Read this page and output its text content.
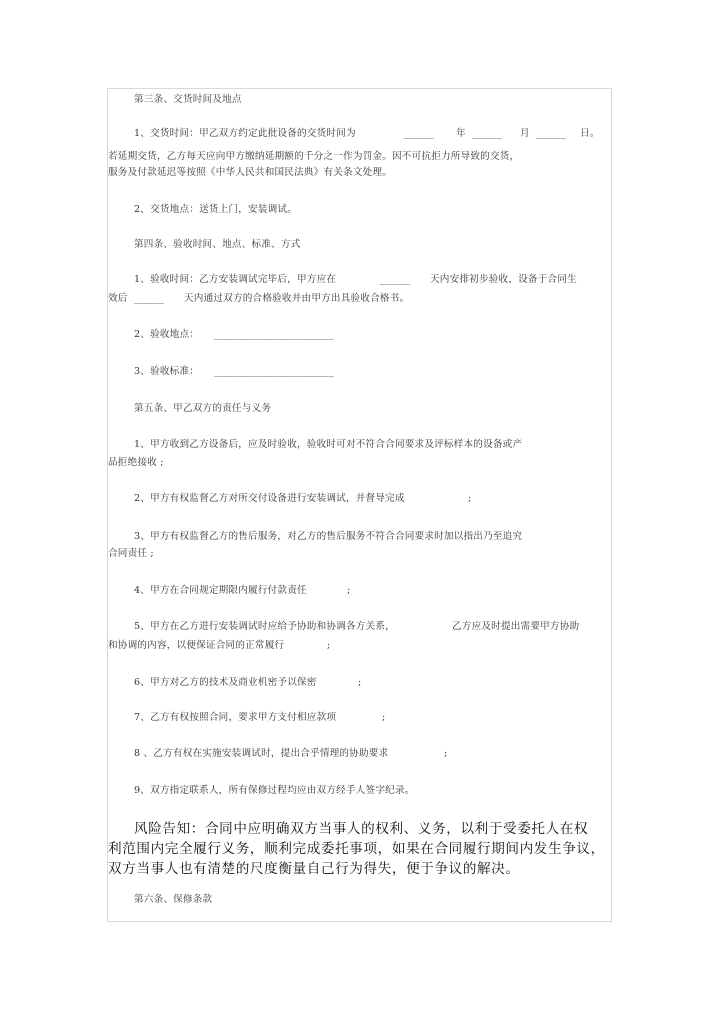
第三条、交货时间及地点
1、交货时间：甲乙双方约定此批设备的交货时间为	______ 年 ______ 月 ______ 日。
若延期交货，乙方每天应向甲方缴纳延期额的千分之一作为罚金。因不可抗拒力所导致的交货，
服务及付款延迟等按照《中华人民共和国民法典》有关条文处理。
2、交货地点：送货上门，安装调试。
第四条、验收时间、地点、标准、方式
1、验收时间：乙方安装调试完毕后，甲方应在	______ 天内安排初步验收，设备于合同生
效后 ______ 天内通过双方的合格验收并由甲方出具验收合格书。
2、验收地点： ________________________
3、验收标准： ________________________
第五条、甲乙双方的责任与义务
1、甲方收到乙方设备后，应及时验收，验收时可对不符合合同要求及评标样本的设备或产
品拒绝接收 ;
2、甲方有权监督乙方对所交付设备进行安装调试，并督导完成	;
3、甲方有权监督乙方的售后服务，对乙方的售后服务不符合合同要求时加以指出乃至追究
合同责任 ;
4、甲方在合同规定期限内履行付款责任	;
5、甲方在乙方进行安装调试时应给予协助和协调各方关系，	乙方应及时提出需要甲方协助
和协调的内容，以便保证合同的正常履行	;
6、甲方对乙方的技术及商业机密予以保密	;
7、乙方有权按照合同，要求甲方支付相应款项	;
8 、乙方有权在实施安装调试时，提出合乎情理的协助要求	;
9、双方指定联系人，所有保修过程均应由双方经手人签字纪录。
风险告知：合同中应明确双方当事人的权利、义务，以利于受委托人在权
利范围内完全履行义务，顺利完成委托事项，如果在合同履行期间内发生争议，
双方当事人也有清楚的尺度衡量自己行为得失，便于争议的解决。
第六条、保修条款
